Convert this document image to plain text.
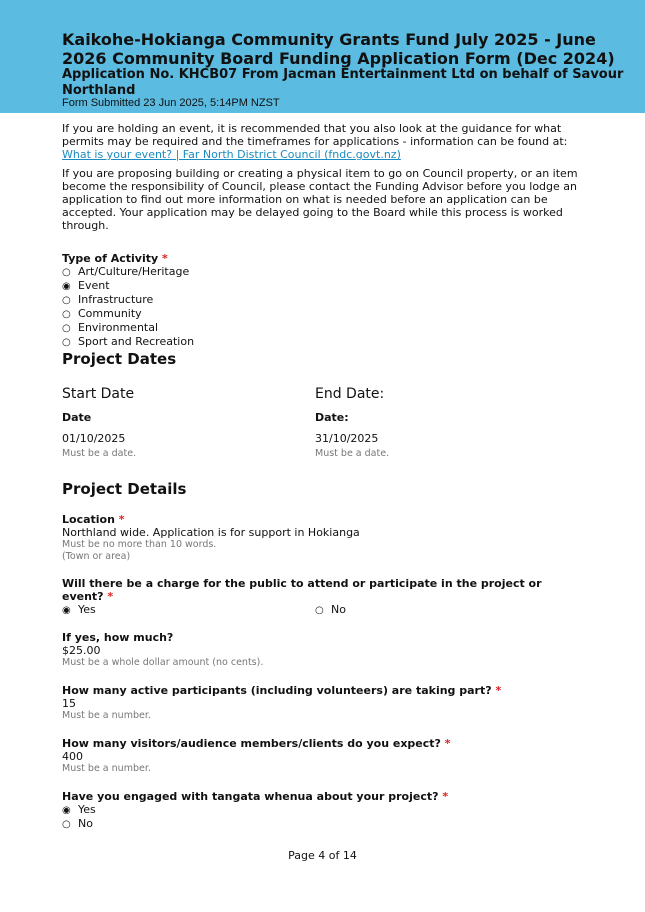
Kaikohe-Hokianga Community Grants Fund July 2025 - June 2026 Community Board Funding Application Form (Dec 2024)
Application No. KHCB07 From Jacman Entertainment Ltd on behalf of Savour Northland
Form Submitted 23 Jun 2025, 5:14PM NZST

If you are holding an event, it is recommended that you also look at the guidance for what permits may be required and the timeframes for applications - information can be found at:
What is your event? | Far North District Council (fndc.govt.nz)

If you are proposing building or creating a physical item to go on Council property, or an item become the responsibility of Council, please contact the Funding Advisor before you lodge an application to find out more information on what is needed before an application can be accepted. Your application may be delayed going to the Board while this process is worked through.

Type of Activity *

○ Art/Culture/Heritage
◉ Event
○ Infrastructure
○ Community
○ Environmental
○ Sport and Recreation
Project Dates
Start Date	End Date:
Date	Date:
01/10/2025	31/10/2025
Must be a date.	Must be a date.
Project Details

Location *

Northland wide. Application is for support in Hokianga
Must be no more than 10 words.
(Town or area)

Will there be a charge for the public to attend or participate in the project or event? *

◉ Yes	○ No

If yes, how much?

$25.00
Must be a whole dollar amount (no cents).

How many active participants (including volunteers) are taking part? *

15
Must be a number.

How many visitors/audience members/clients do you expect? *

400
Must be a number.

Have you engaged with tangata whenua about your project? *

◉ Yes
○ No
Page 4 of 14
